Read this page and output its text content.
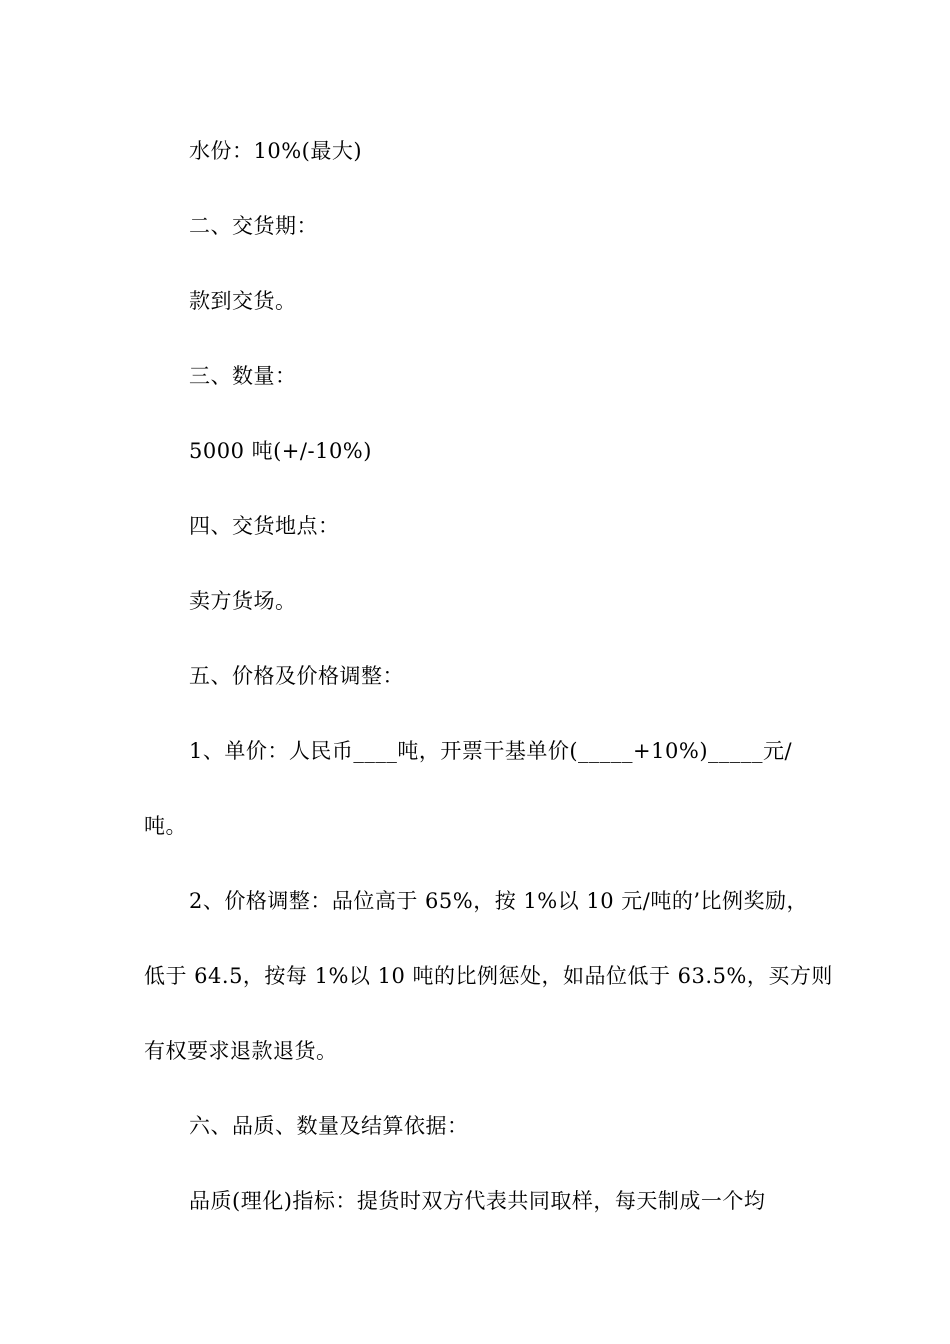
水份：10%(最大)
二、交货期：
款到交货。
三、数量：
5000 吨(+/-10%)
四、交货地点：
卖方货场。
五、价格及价格调整：
1、单价：人民币____吨，开票干基单价(_____+10%)_____元/
吨。
2、价格调整：品位高于 65%，按 1%以 10 元/吨的’比例奖励，
低于 64.5，按每 1%以 10 吨的比例惩处，如品位低于 63.5%，买方则
有权要求退款退货。
六、品质、数量及结算依据：
品质(理化)指标：提货时双方代表共同取样，每天制成一个均
